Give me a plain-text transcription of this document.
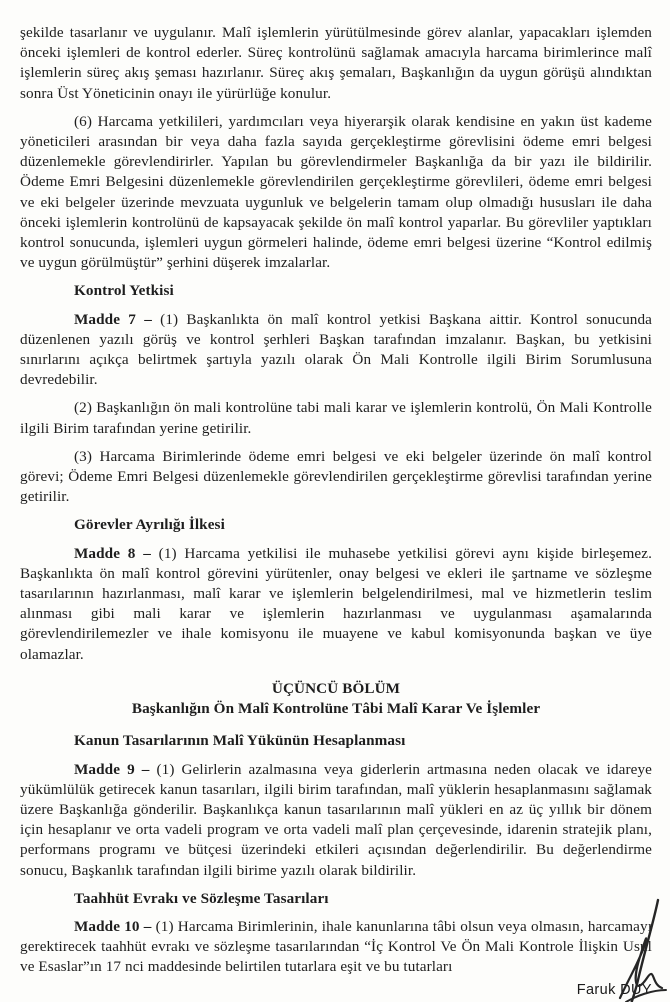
şekilde tasarlanır ve uygulanır. Malî işlemlerin yürütülmesinde görev alanlar, yapacakları işlemden önceki işlemleri de kontrol ederler. Süreç kontrolünü sağlamak amacıyla harcama birimlerince malî işlemlerin süreç akış şeması hazırlanır. Süreç akış şemaları, Başkanlığın da uygun görüşü alındıktan sonra Üst Yöneticinin onayı ile yürürlüğe konulur.

(6) Harcama yetkilileri, yardımcıları veya hiyerarşik olarak kendisine en yakın üst kademe yöneticileri arasından bir veya daha fazla sayıda gerçekleştirme görevlisini ödeme emri belgesi düzenlemekle görevlendirirler. Yapılan bu görevlendirmeler Başkanlığa da bir yazı ile bildirilir. Ödeme Emri Belgesini düzenlemekle görevlendirilen gerçekleştirme görevlileri, ödeme emri belgesi ve eki belgeler üzerinde mevzuata uygunluk ve belgelerin tamam olup olmadığı hususları ile daha önceki işlemlerin kontrolünü de kapsayacak şekilde ön malî kontrol yaparlar. Bu görevliler yaptıkları kontrol sonucunda, işlemleri uygun görmeleri halinde, ödeme emri belgesi üzerine “Kontrol edilmiş ve uygun görülmüştür” şerhini düşerek imzalarlar.

Kontrol Yetkisi

Madde 7 – (1) Başkanlıkta ön malî kontrol yetkisi Başkana aittir. Kontrol sonucunda düzenlenen yazılı görüş ve kontrol şerhleri Başkan tarafından imzalanır. Başkan, bu yetkisini sınırlarını açıkça belirtmek şartıyla yazılı olarak Ön Mali Kontrolle ilgili Birim Sorumlusuna devredebilir.

(2) Başkanlığın ön mali kontrolüne tabi mali karar ve işlemlerin kontrolü, Ön Mali Kontrolle ilgili Birim tarafından yerine getirilir.

(3) Harcama Birimlerinde ödeme emri belgesi ve eki belgeler üzerinde ön malî kontrol görevi; Ödeme Emri Belgesi düzenlemekle görevlendirilen gerçekleştirme görevlisi tarafından yerine getirilir.

Görevler Ayrılığı İlkesi

Madde 8 – (1) Harcama yetkilisi ile muhasebe yetkilisi görevi aynı kişide birleşemez. Başkanlıkta ön malî kontrol görevini yürütenler, onay belgesi ve ekleri ile şartname ve sözleşme tasarılarının hazırlanması, malî karar ve işlemlerin belgelendirilmesi, mal ve hizmetlerin teslim alınması gibi mali karar ve işlemlerin hazırlanması ve uygulanması aşamalarında görevlendirilemezler ve ihale komisyonu ile muayene ve kabul komisyonunda başkan ve üye olamazlar.

ÜÇÜNCÜ BÖLÜM
Başkanlığın Ön Malî Kontrolüne Tâbi Malî Karar Ve İşlemler

Kanun Tasarılarının Malî Yükünün Hesaplanması

Madde 9 – (1) Gelirlerin azalmasına veya giderlerin artmasına neden olacak ve idareye yükümlülük getirecek kanun tasarıları, ilgili birim tarafından, malî yüklerin hesaplanmasını sağlamak üzere Başkanlığa gönderilir. Başkanlıkça kanun tasarılarının malî yükleri en az üç yıllık bir dönem için hesaplanır ve orta vadeli program ve orta vadeli malî plan çerçevesinde, idarenin stratejik planı, performans programı ve bütçesi üzerindeki etkileri açısından değerlendirilir. Bu değerlendirme sonucu, Başkanlık tarafından ilgili birime yazılı olarak bildirilir.

Taahhüt Evrakı ve Sözleşme Tasarıları

Madde 10 – (1) Harcama Birimlerinin, ihale kanunlarına tâbi olsun veya olmasın, harcamayı gerektirecek taahhüt evrakı ve sözleşme tasarılarından “İç Kontrol Ve Ön Mali Kontrole İlişkin Usul ve Esaslar”ın 17 nci maddesinde belirtilen tutarlara eşit ve bu tutarları

Faruk DUY
